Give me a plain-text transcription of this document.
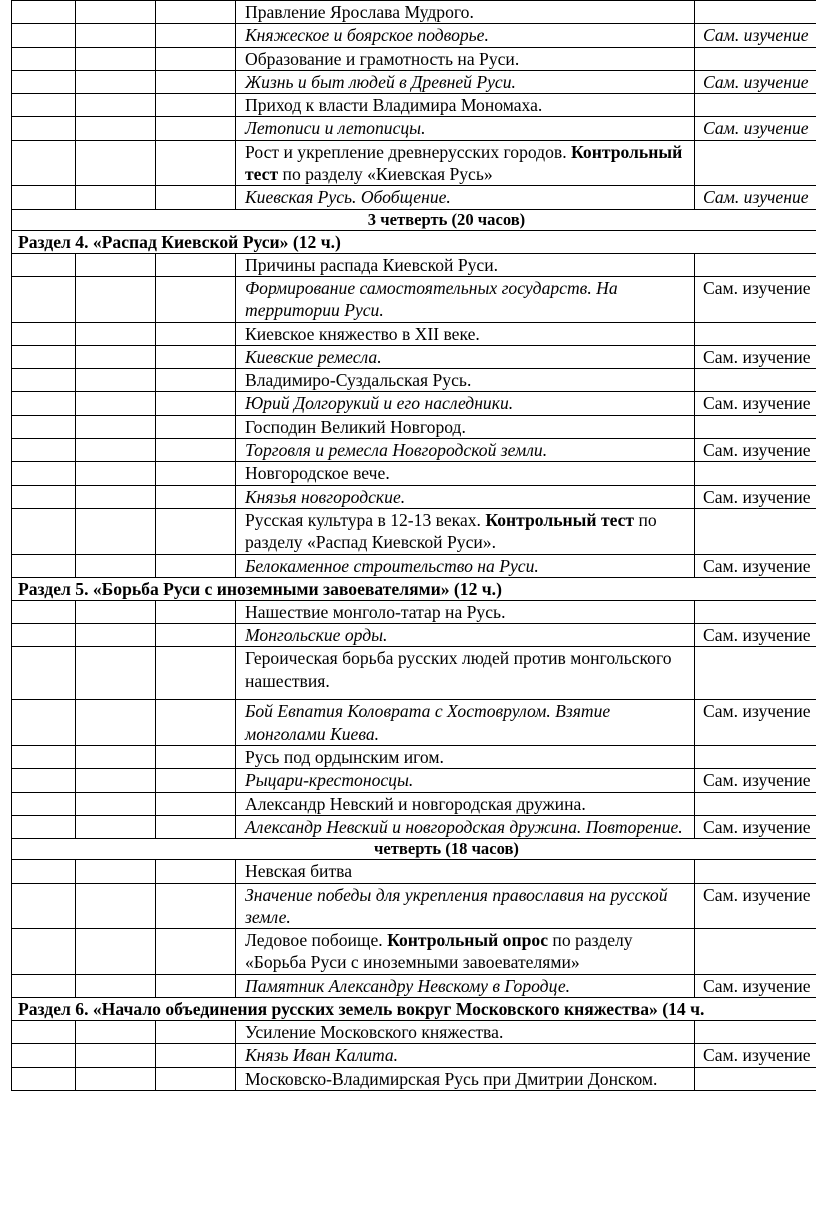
			Правление Ярослава Мудрого.	
			Княжеское и боярское подворье.	Сам. изучение
			Образование и грамотность на Руси.	
			Жизнь и быт людей в Древней Руси.	Сам. изучение
			Приход к власти Владимира Мономаха.	
			Летописи и летописцы.	Сам. изучение
			Рост и укрепление древнерусских городов. Контрольный тест по разделу «Киевская Русь»	
			Киевская Русь. Обобщение.	Сам. изучение
3 четверть (20 часов)				
Раздел 4. «Распад Киевской Руси» (12 ч.)				
			Причины распада Киевской Руси.	
			Формирование самостоятельных государств. На территории Руси.	Сам. изучение
			Киевское княжество в XII веке.	
			Киевские ремесла.	Сам. изучение
			Владимиро-Суздальская Русь.	
			Юрий Долгорукий и его наследники.	Сам. изучение
			Господин Великий Новгород.	
			Торговля и ремесла Новгородской земли.	Сам. изучение
			Новгородское вече.	
			Князья новгородские.	Сам. изучение
			Русская культура в 12-13 веках. Контрольный тест по разделу «Распад Киевской Руси».	
			Белокаменное строительство на Руси.	Сам. изучение
Раздел 5. «Борьба Руси с иноземными завоевателями» (12 ч.)				
			Нашествие монголо-татар на Русь.	
			Монгольские орды.	Сам. изучение
			Героическая борьба русских людей против монгольского нашествия.	
			Бой Евпатия Коловрата с Хостоврулом. Взятие монголами Киева.	Сам. изучение
			Русь под ордынским игом.	
			Рыцари-крестоносцы.	Сам. изучение
			Александр Невский и новгородская дружина.	
			Александр Невский и новгородская дружина. Повторение.	Сам. изучение
четверть (18 часов)				
			Невская битва	
			Значение победы для укрепления православия на русской земле.	Сам. изучение
			Ледовое побоище. Контрольный опрос по разделу «Борьба Руси с иноземными завоевателями»	
			Памятник Александру Невскому в Городце.	Сам. изучение
Раздел 6. «Начало объединения русских земель вокруг Московского княжества» (14 ч.				
			Усиление Московского княжества.	
			Князь Иван Калита.	Сам. изучение
			Московско-Владимирская Русь при Дмитрии Донском.	
